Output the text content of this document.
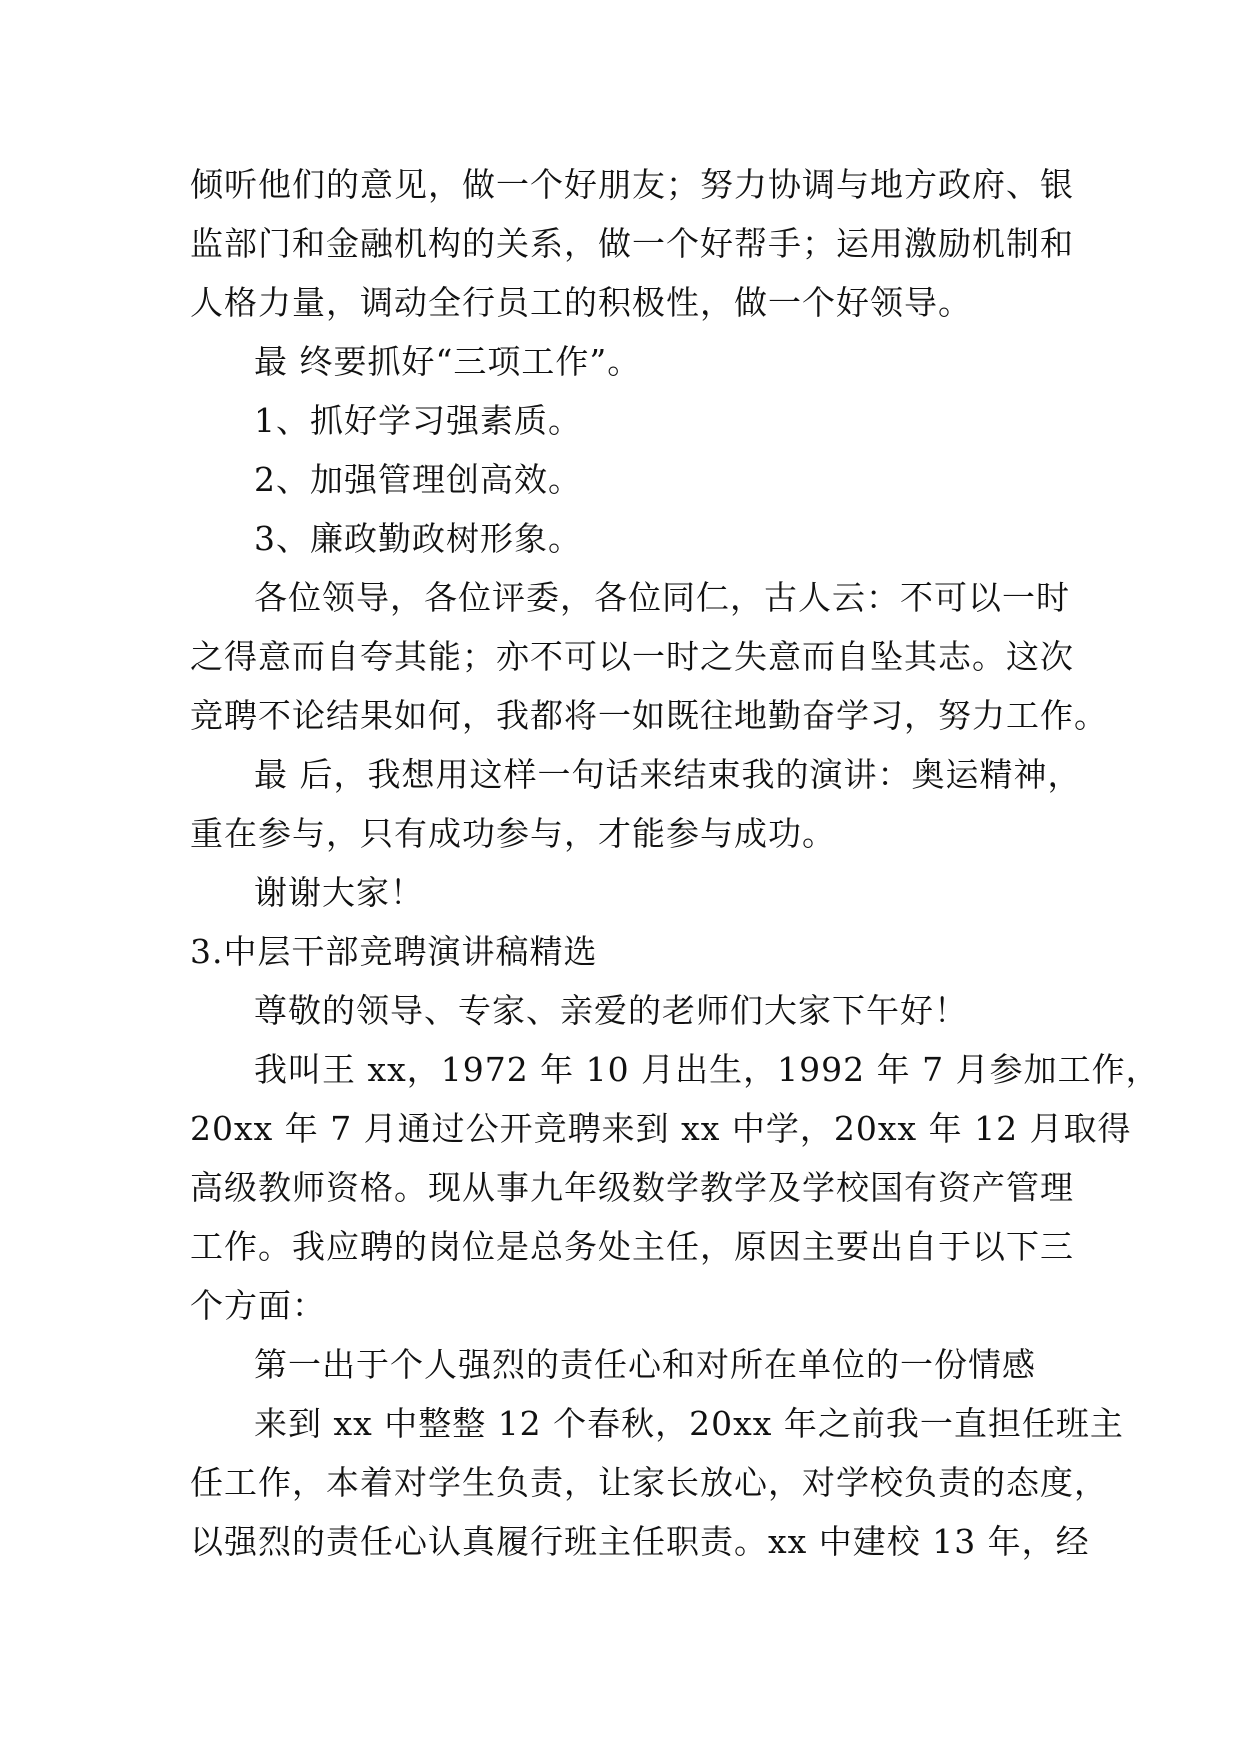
倾听他们的意见，做一个好朋友；努力协调与地方政府、银
监部门和金融机构的关系，做一个好帮手；运用激励机制和
人格力量，调动全行员工的积极性，做一个好领导。
最 终要抓好“三项工作”。
1、抓好学习强素质。
2、加强管理创高效。
3、廉政勤政树形象。
各位领导，各位评委，各位同仁，古人云：不可以一时
之得意而自夸其能；亦不可以一时之失意而自坠其志。这次
竞聘不论结果如何，我都将一如既往地勤奋学习，努力工作。
最 后，我想用这样一句话来结束我的演讲：奥运精神，
重在参与，只有成功参与，才能参与成功。
谢谢大家！
3.中层干部竞聘演讲稿精选
尊敬的领导、专家、亲爱的老师们大家下午好！
我叫王 xx，1972 年 10 月出生，1992 年 7 月参加工作，
20xx 年 7 月通过公开竞聘来到 xx 中学，20xx 年 12 月取得
高级教师资格。现从事九年级数学教学及学校国有资产管理
工作。我应聘的岗位是总务处主任，原因主要出自于以下三
个方面：
第一出于个人强烈的责任心和对所在单位的一份情感
来到 xx 中整整 12 个春秋，20xx 年之前我一直担任班主
任工作，本着对学生负责，让家长放心，对学校负责的态度，
以强烈的责任心认真履行班主任职责。xx 中建校 13 年，经
